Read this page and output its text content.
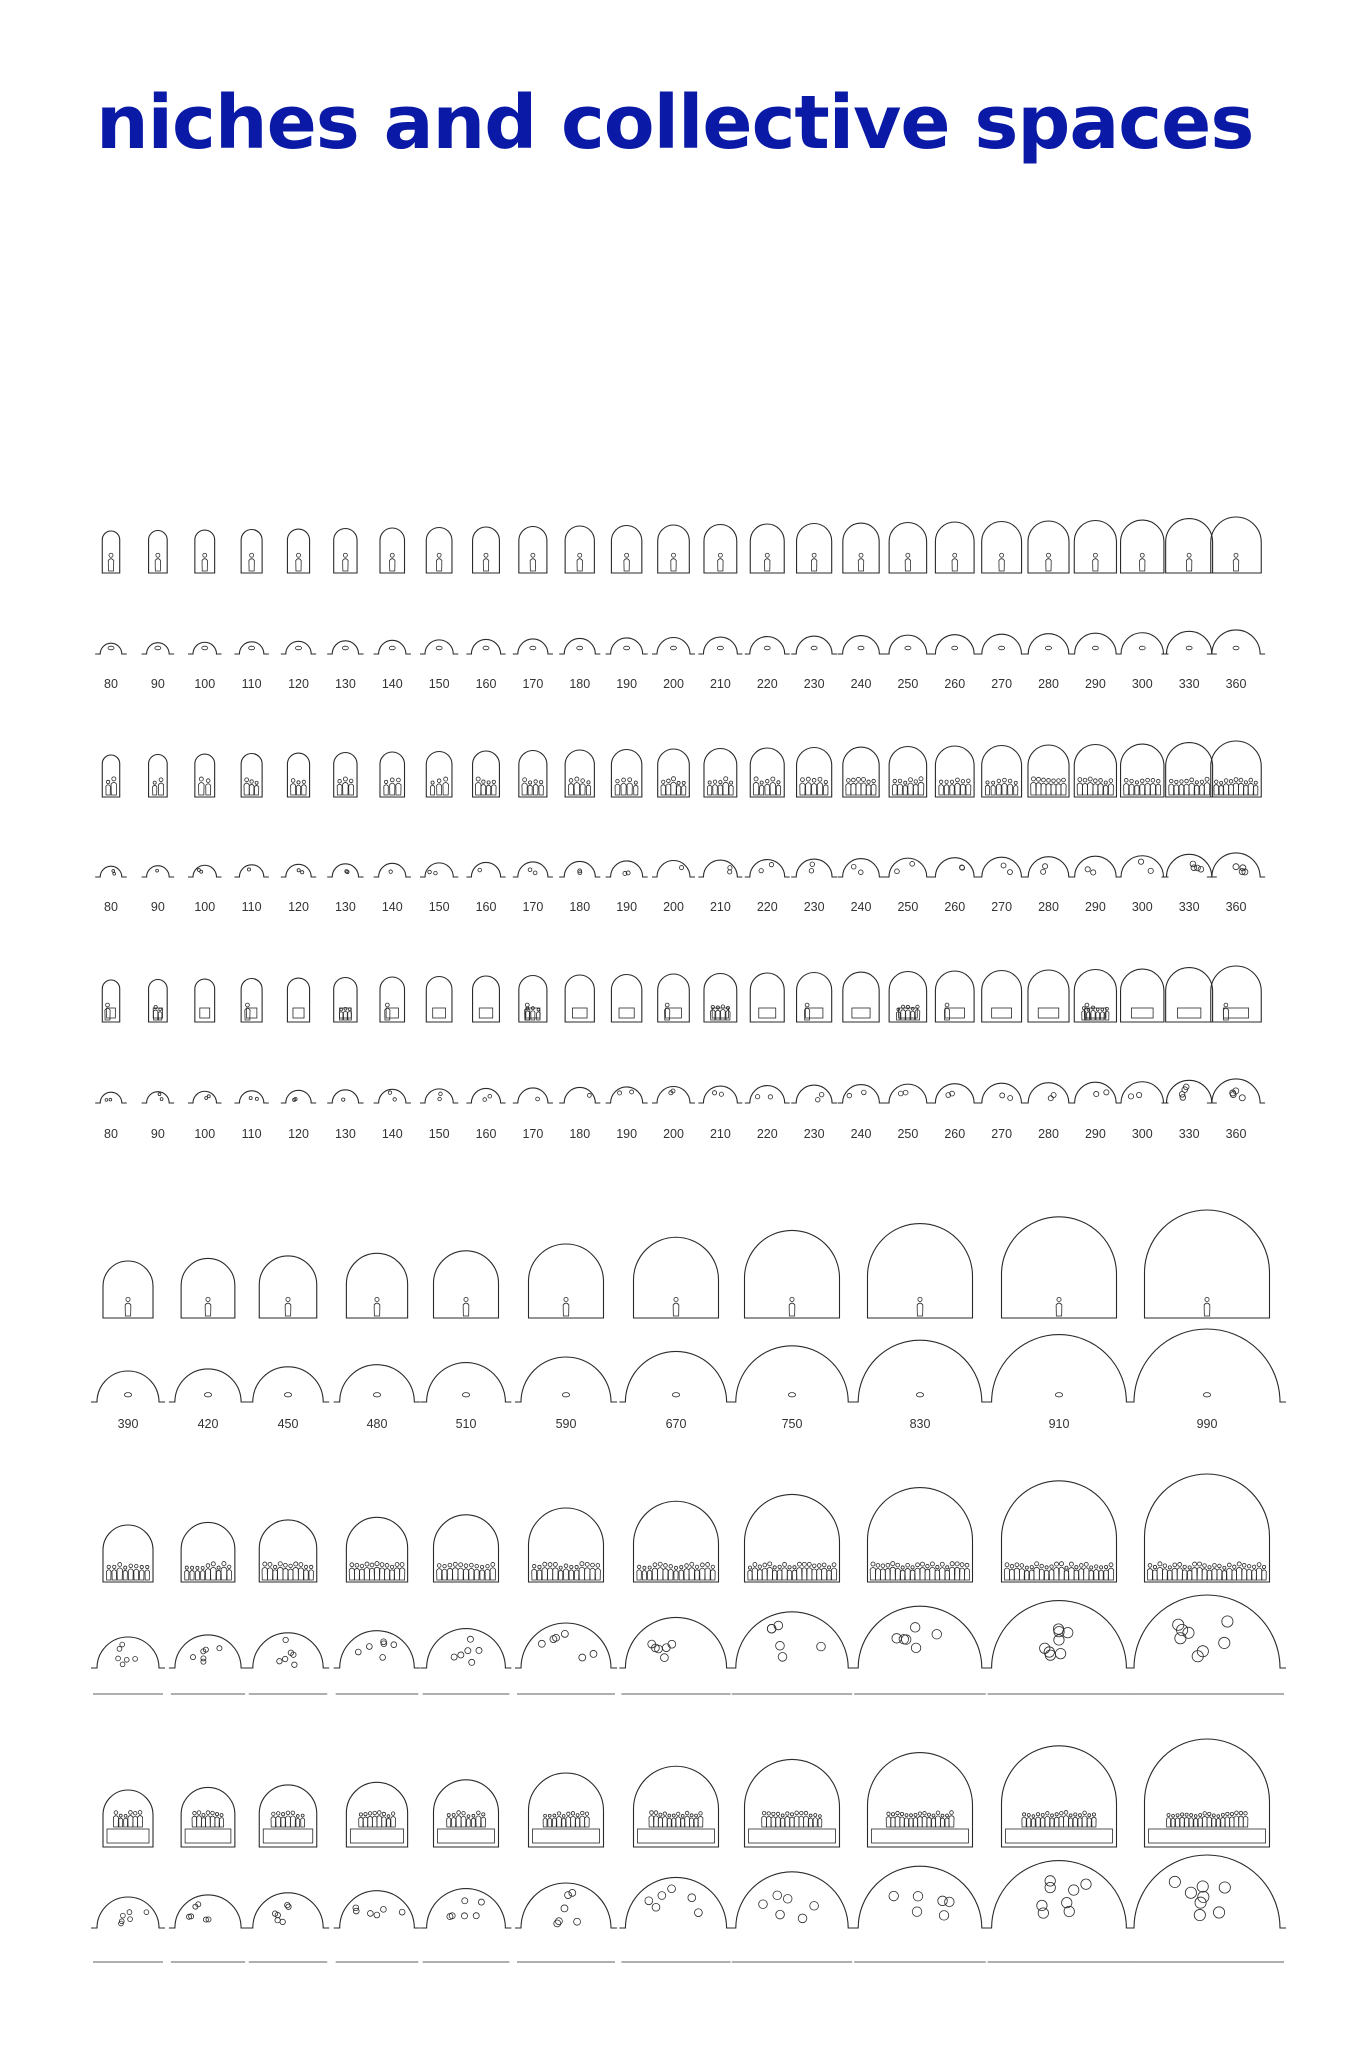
niches and collective spaces
80	90 100 110 120 130 140 150 160 170 180 190 200 210 220 230 240 250 260 270 280 290 300 330 360
80	90 100 110 120 130 140 150 160 170 180 190 200 210 220 230 240 250 260 270 280 290 300 330 360
80	90 100 110 120 130 140 150 160 170 180 190 200 210 220 230 240 250 260 270 280 290 300 330 360
390	420	450	480	510	590	670	750	830	910	990
